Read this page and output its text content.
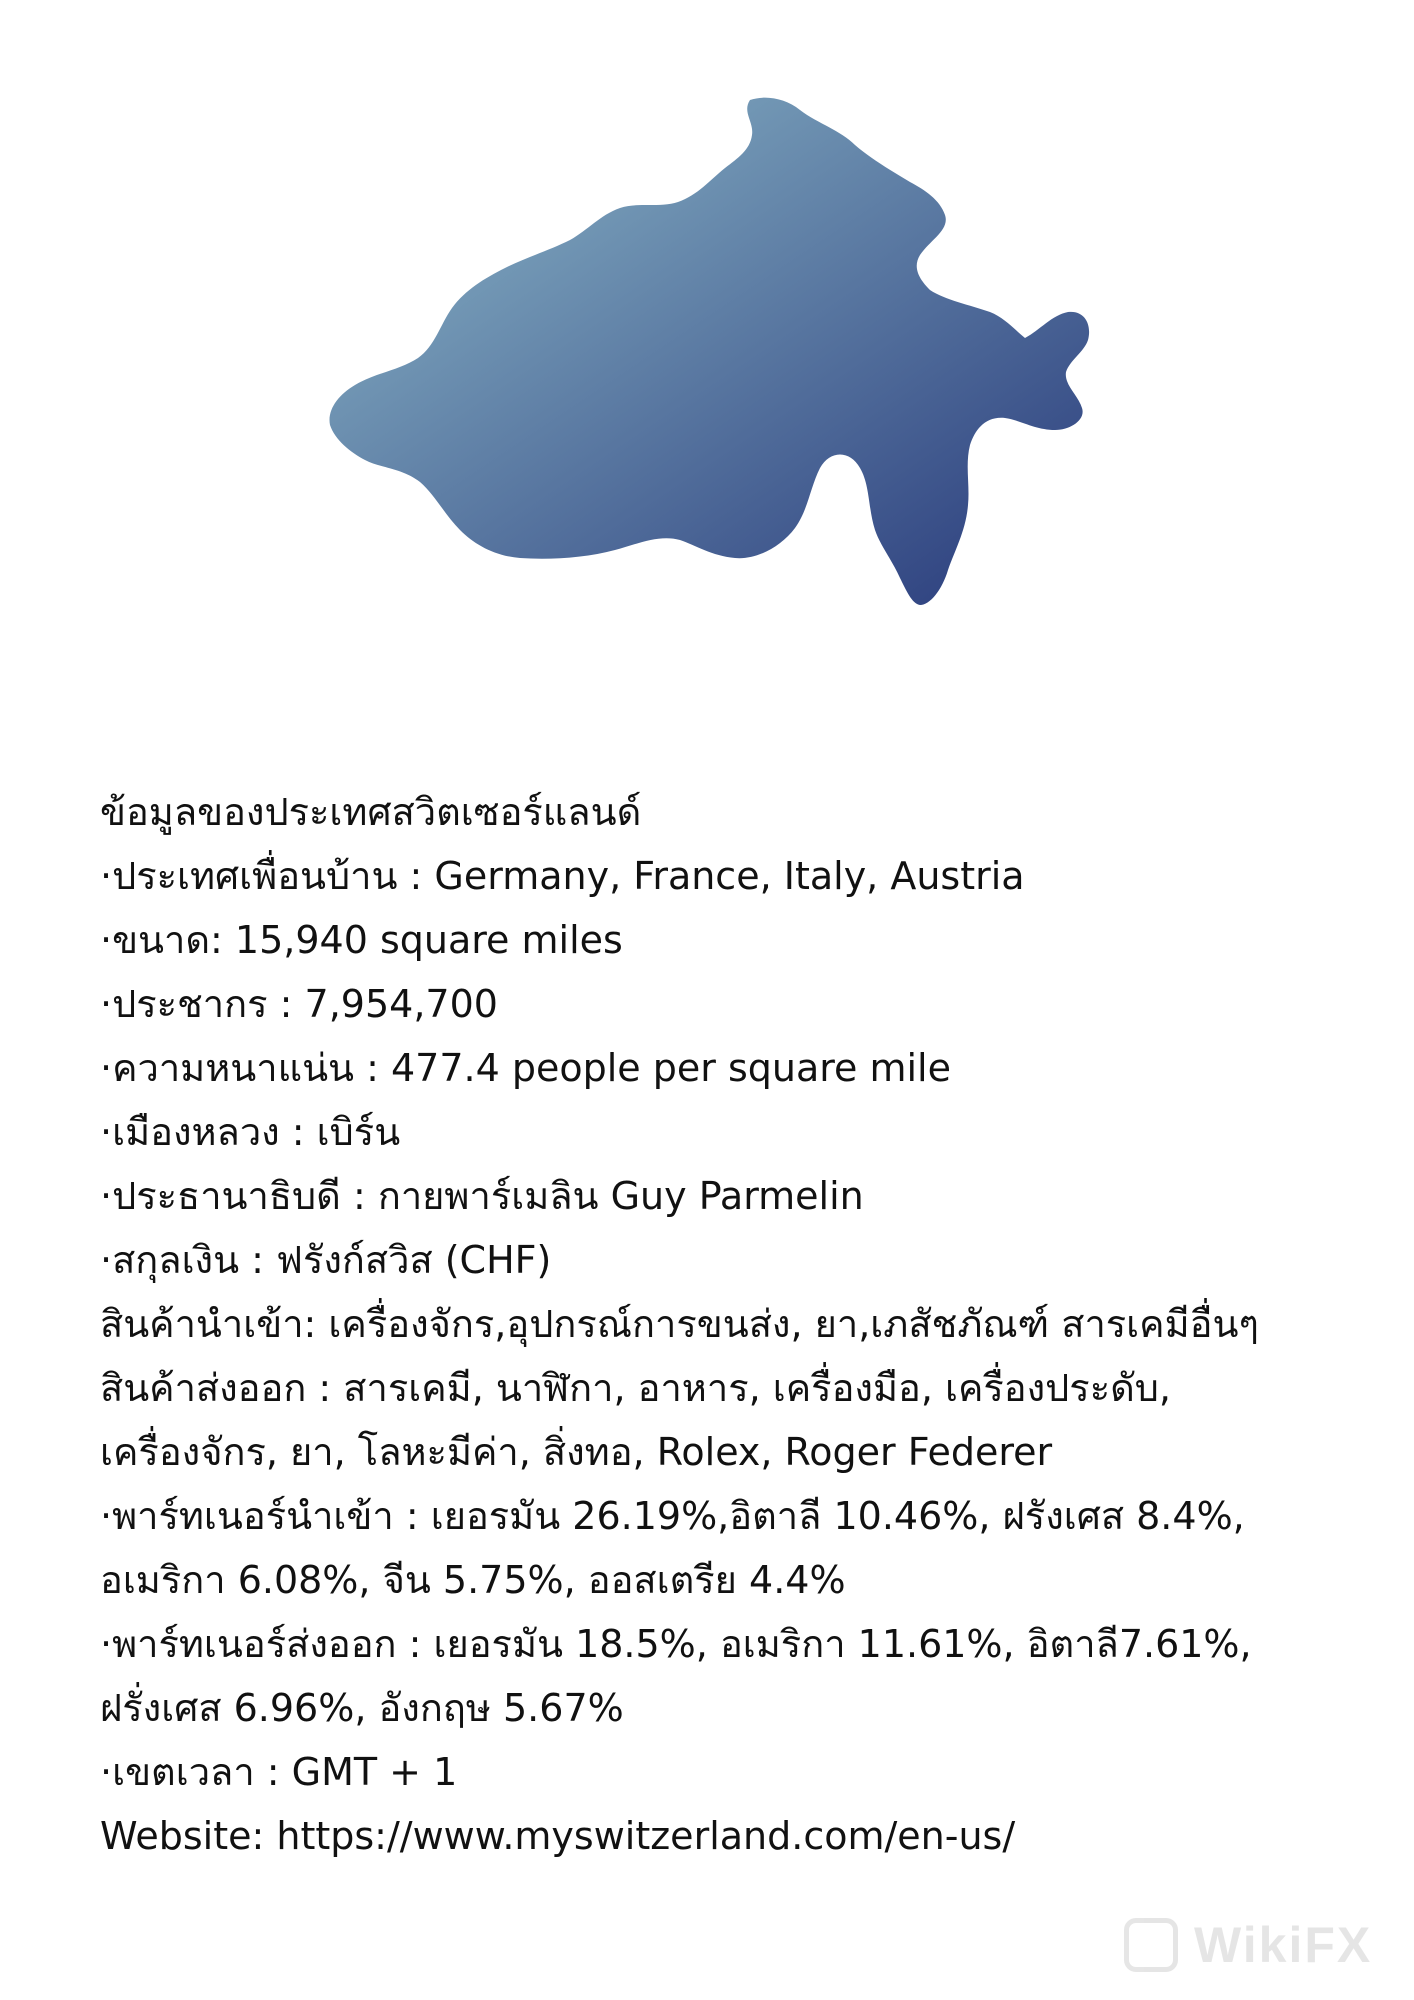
ข้อมูลของประเทศสวิตเซอร์แลนด์
·ประเทศเพื่อนบ้าน : Germany, France, Italy, Austria
·ขนาด: 15,940 square miles
·ประชากร : 7,954,700
·ความหนาแน่น : 477.4 people per square mile
·เมืองหลวง : เบิร์น
·ประธานาธิบดี : กายพาร์เมลิน Guy Parmelin
·สกุลเงิน : ฟรังก์สวิส (CHF)
สินค้านำเข้า: เครื่องจักร,อุปกรณ์การขนส่ง, ยา,เภสัชภัณฑ์ สารเคมีอื่นๆ
สินค้าส่งออก : สารเคมี, นาฬิกา, อาหาร, เครื่องมือ, เครื่องประดับ, เครื่องจักร, ยา, โลหะมีค่า, สิ่งทอ, Rolex, Roger Federer
·พาร์ทเนอร์นำเข้า : เยอรมัน 26.19%,อิตาลี 10.46%, ฝรังเศส 8.4%, อเมริกา 6.08%, จีน 5.75%, ออสเตรีย 4.4%
·พาร์ทเนอร์ส่งออก : เยอรมัน 18.5%, อเมริกา 11.61%, อิตาลี7.61%, ฝรั่งเศส 6.96%, อังกฤษ 5.67%
·เขตเวลา : GMT + 1
Website: https://www.myswitzerland.com/en-us/
WikiFX
